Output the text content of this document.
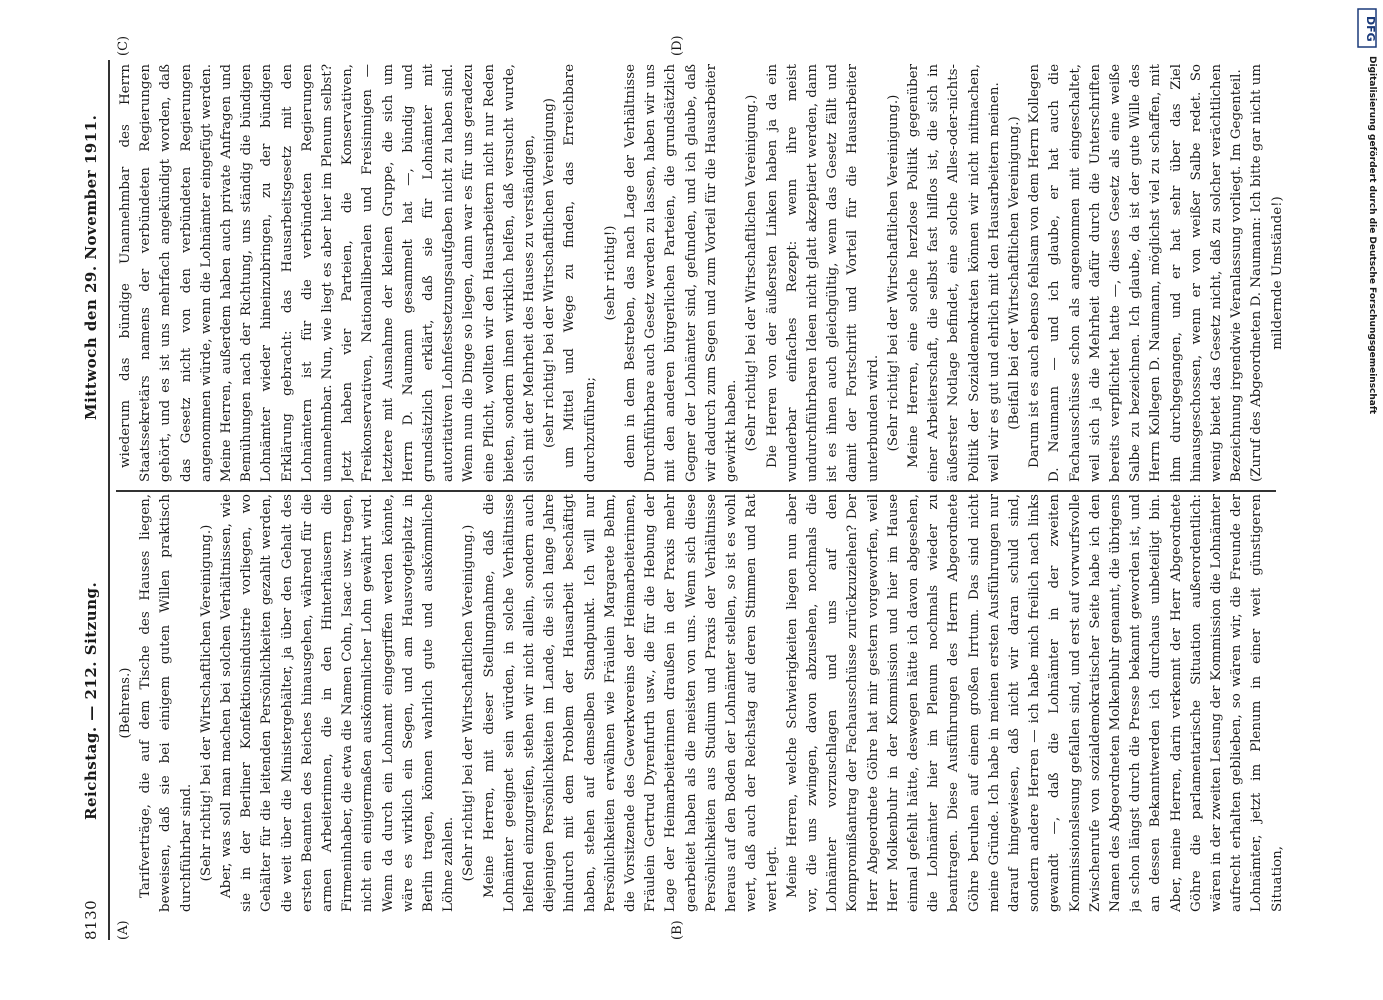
8130
Reichstag. — 212. Sitzung.
Mittwoch den 29. November 1911.
(A)	(B)
(C)	(D)

(Behrens.) Tarifverträge, die auf dem Tische des Hauses liegen, beweisen, daß sie bei einigem guten Willen praktisch durchführbar sind. (Sehr richtig! bei der Wirtschaftlichen Vereinigung.) Aber, was soll man machen bei solchen Verhältnissen, wie sie in der Berliner Konfektionsindustrie vorliegen, wo Gehälter für die leitenden Persönlichkeiten gezahlt werden, die weit über die Ministergehälter, ja über den Gehalt des ersten Beamten des Reiches hinausgehen, während für die armen Arbeiterinnen, die in den Hinterhäusern die Firmeninhaber, die etwa die Namen Cohn, Isaac usw. tragen, nicht ein einigermaßen auskömmlicher Lohn gewährt wird. Wenn da durch ein Lohnamt eingegriffen werden könnte, wäre es wirklich ein Segen, und am Hausvogteiplatz in Berlin tragen, können wahrlich gute und auskömmliche Löhne zahlen. (Sehr richtig! bei der Wirtschaftlichen Vereinigung.) Meine Herren, mit dieser Stellungnahme, daß die Lohnämter geeignet sein würden, in solche Verhältnisse helfend einzugreifen, stehen wir nicht allein, sondern auch diejenigen Persönlichkeiten im Lande, die sich lange Jahre hindurch mit dem Problem der Hausarbeit beschäftigt haben, stehen auf demselben Standpunkt. Ich will nur Persönlichkeiten erwähnen wie Fräulein Margarete Behm, die Vorsitzende des Gewerkvereins der Heimarbeiterinnen, Fräulein Gertrud Dyrenfurth usw., die für die Hebung der Lage der Heimarbeiterinnen draußen in der Praxis mehr gearbeitet haben als die meisten von uns. Wenn sich diese Persönlichkeiten aus Studium und Praxis der Verhältnisse heraus auf den Boden der Lohnämter stellen, so ist es wohl wert, daß auch der Reichstag auf deren Stimmen und Rat wert legt. Meine Herren, welche Schwierigkeiten liegen nun aber vor, die uns zwingen, davon abzusehen, nochmals die Lohnämter vorzuschlagen und uns auf den Kompromißantrag der Fachausschüsse zurückzuziehen? Der Herr Abgeordnete Göhre hat mir gestern vorgeworfen, weil Herr Molkenbuhr in der Kommission und hier im Hause einmal gefehlt hätte, deswegen hätte ich davon abgesehen, die Lohnämter hier im Plenum nochmals wieder zu beantragen. Diese Ausführungen des Herrn Abgeordnete Göhre beruhen auf einem großen Irrtum. Das sind nicht meine Gründe. Ich habe in meinen ersten Ausführungen nur darauf hingewiesen, daß nicht wir daran schuld sind, sondern andere Herren — ich habe mich freilich nach links gewandt —, daß die Lohnämter in der zweiten Kommissionslesung gefallen sind, und erst auf vorwurfsvolle Zwischenrufe von sozialdemokratischer Seite habe ich den Namen des Abgeordneten Molkenbuhr genannt, die übrigens ja schon längst durch die Presse bekannt geworden ist, und an dessen Bekanntwerden ich durchaus unbeteiligt bin. Aber, meine Herren, darin verkennt der Herr Abgeordnete Göhre die parlamentarische Situation außerordentlich: wären in der zweiten Lesung der Kommission die Lohnämter aufrecht erhalten geblieben, so wären wir, die Freunde der Lohnämter, jetzt im Plenum in einer weit günstigeren Situation,

wiederum das bündige Unannehmbar des Herrn Staatssekretärs namens der verbündeten Regierungen gehört, und es ist uns mehrfach angekündigt worden, daß das Gesetz nicht von den verbündeten Regierungen angenommen würde, wenn die Lohnämter eingefügt werden. Meine Herren, außerdem haben auch private Anfragen und Bemühungen nach der Richtung, uns ständig die bündigen Lohnämter wieder hineinzubringen, zu der bündigen Erklärung gebracht: das Hausarbeitsgesetz mit den Lohnämtern ist für die verbündeten Regierungen unannehmbar. Nun, wie liegt es aber hier im Plenum selbst? Jetzt haben vier Parteien, die Konservativen, Freikonservativen, Nationalliberalen und Freisinnigen — letztere mit Ausnahme der kleinen Gruppe, die sich um Herrn D. Naumann gesammelt hat —, bündig und grundsätzlich erklärt, daß sie für Lohnämter mit autoritativen Lohnfestsetzungsaufgaben nicht zu haben sind. Wenn nun die Dinge so liegen, dann war es für uns geradezu eine Pflicht, wollten wir den Hausarbeitern nicht nur Reden bieten, sondern ihnen wirklich helfen, daß versucht wurde, sich mit der Mehrheit des Hauses zu verständigen, (sehr richtig! bei der Wirtschaftlichen Vereinigung) um Mittel und Wege zu finden, das Erreichbare durchzuführen;

(sehr richtig!) denn in dem Bestreben, das nach Lage der Verhältnisse Durchführbare auch Gesetz werden zu lassen, haben wir uns mit den anderen bürgerlichen Parteien, die grundsätzlich Gegner der Lohnämter sind, gefunden, und ich glaube, daß wir dadurch zum Segen und zum Vorteil für die Hausarbeiter gewirkt haben. (Sehr richtig! bei der Wirtschaftlichen Vereinigung.) Die Herren von der äußersten Linken haben ja da ein wunderbar einfaches Rezept: wenn ihre meist undurchführbaren Ideen nicht glatt akzeptiert werden, dann ist es ihnen auch gleichgültig, wenn das Gesetz fällt und damit der Fortschritt und Vorteil für die Hausarbeiter unterbunden wird. (Sehr richtig! bei der Wirtschaftlichen Vereinigung.) Meine Herren, eine solche herzlose Politik gegenüber einer Arbeiterschaft, die selbst fast hilflos ist, die sich in äußerster Notlage befindet, eine solche Alles-oder-nichts-Politik der Sozialdemokraten können wir nicht mitmachen, weil wir es gut und ehrlich mit den Hausarbeitern meinen. (Beifall bei der Wirtschaftlichen Vereinigung.) Darum ist es auch ebenso fehlsam von dem Herrn Kollegen D. Naumann — und ich glaube, er hat auch die Fachausschüsse schon als angenommen mit eingeschaltet, weil sich ja die Mehrheit dafür durch die Unterschriften bereits verpflichtet hatte —, dieses Gesetz als eine weiße Salbe zu bezeichnen. Ich glaube, da ist der gute Wille des Herrn Kollegen D. Naumann, möglichst viel zu schaffen, mit ihm durchgegangen, und er hat sehr über das Ziel hinausgeschossen, wenn er von weißer Salbe redet. So wenig bietet das Gesetz nicht, daß zu solcher verächtlichen Bezeichnung irgendwie Veranlassung vorliegt. Im Gegenteil. (Zuruf des Abgeordneten D. Naumann: Ich bitte gar nicht um mildernde Umstände!)

DFG
Digitalisierung gefördert durch die Deutsche Forschungsgemeinschaft
